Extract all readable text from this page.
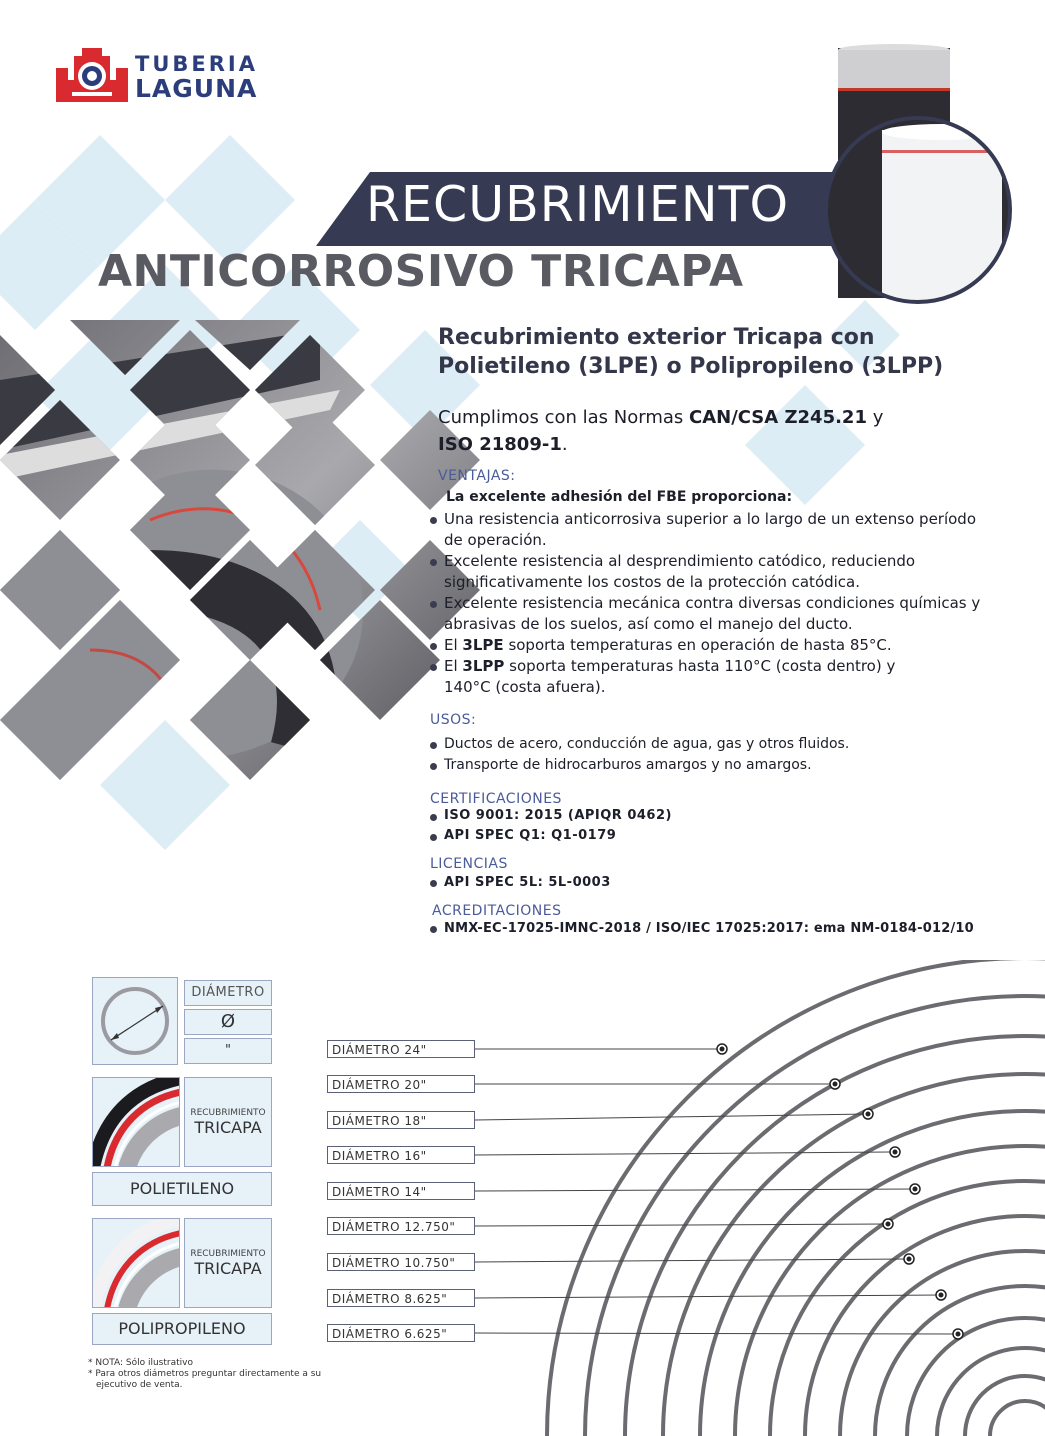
TUBERIA
LAGUNA
RECUBRIMIENTO
ANTICORROSIVO TRICAPA
Recubrimiento exterior Tricapa con
Polietileno (3LPE) o Polipropileno (3LPP)
Cumplimos con las Normas CAN/CSA Z245.21 y
ISO 21809-1.
VENTAJAS:
La excelente adhesión del FBE proporciona:
Una resistencia anticorrosiva superior a lo largo de un extenso período de operación.
Excelente resistencia al desprendimiento catódico, reduciendo significativamente los costos de la protección catódica.
Excelente resistencia mecánica contra diversas condiciones químicas y abrasivas de los suelos, así como el manejo del ducto.
El 3LPE soporta temperaturas en operación de hasta 85°C.
El 3LPP soporta temperaturas hasta 110°C (costa dentro) y 140°C (costa afuera).
USOS:
Ductos de acero, conducción de agua, gas y otros fluidos.
Transporte de hidrocarburos amargos y no amargos.
CERTIFICACIONES
ISO 9001: 2015 (APIQR 0462)
API SPEC Q1: Q1-0179
LICENCIAS
API SPEC 5L: 5L-0003
ACREDITACIONES
NMX-EC-17025-IMNC-2018 / ISO/IEC 17025:2017: ema NM-0184-012/10
DIÁMETRO
Ø
"
RECUBRIMIENTO
TRICAPA
POLIETILENO
RECUBRIMIENTO
TRICAPA
POLIPROPILENO
* NOTA: Sólo ilustrativo
* Para otros diámetros preguntar directamente a su ejecutivo de venta.
DIÁMETRO 24"
DIÁMETRO 20"
DIÁMETRO 18"
DIÁMETRO 16"
DIÁMETRO 14"
DIÁMETRO 12.750"
DIÁMETRO 10.750"
DIÁMETRO 8.625"
DIÁMETRO 6.625"
